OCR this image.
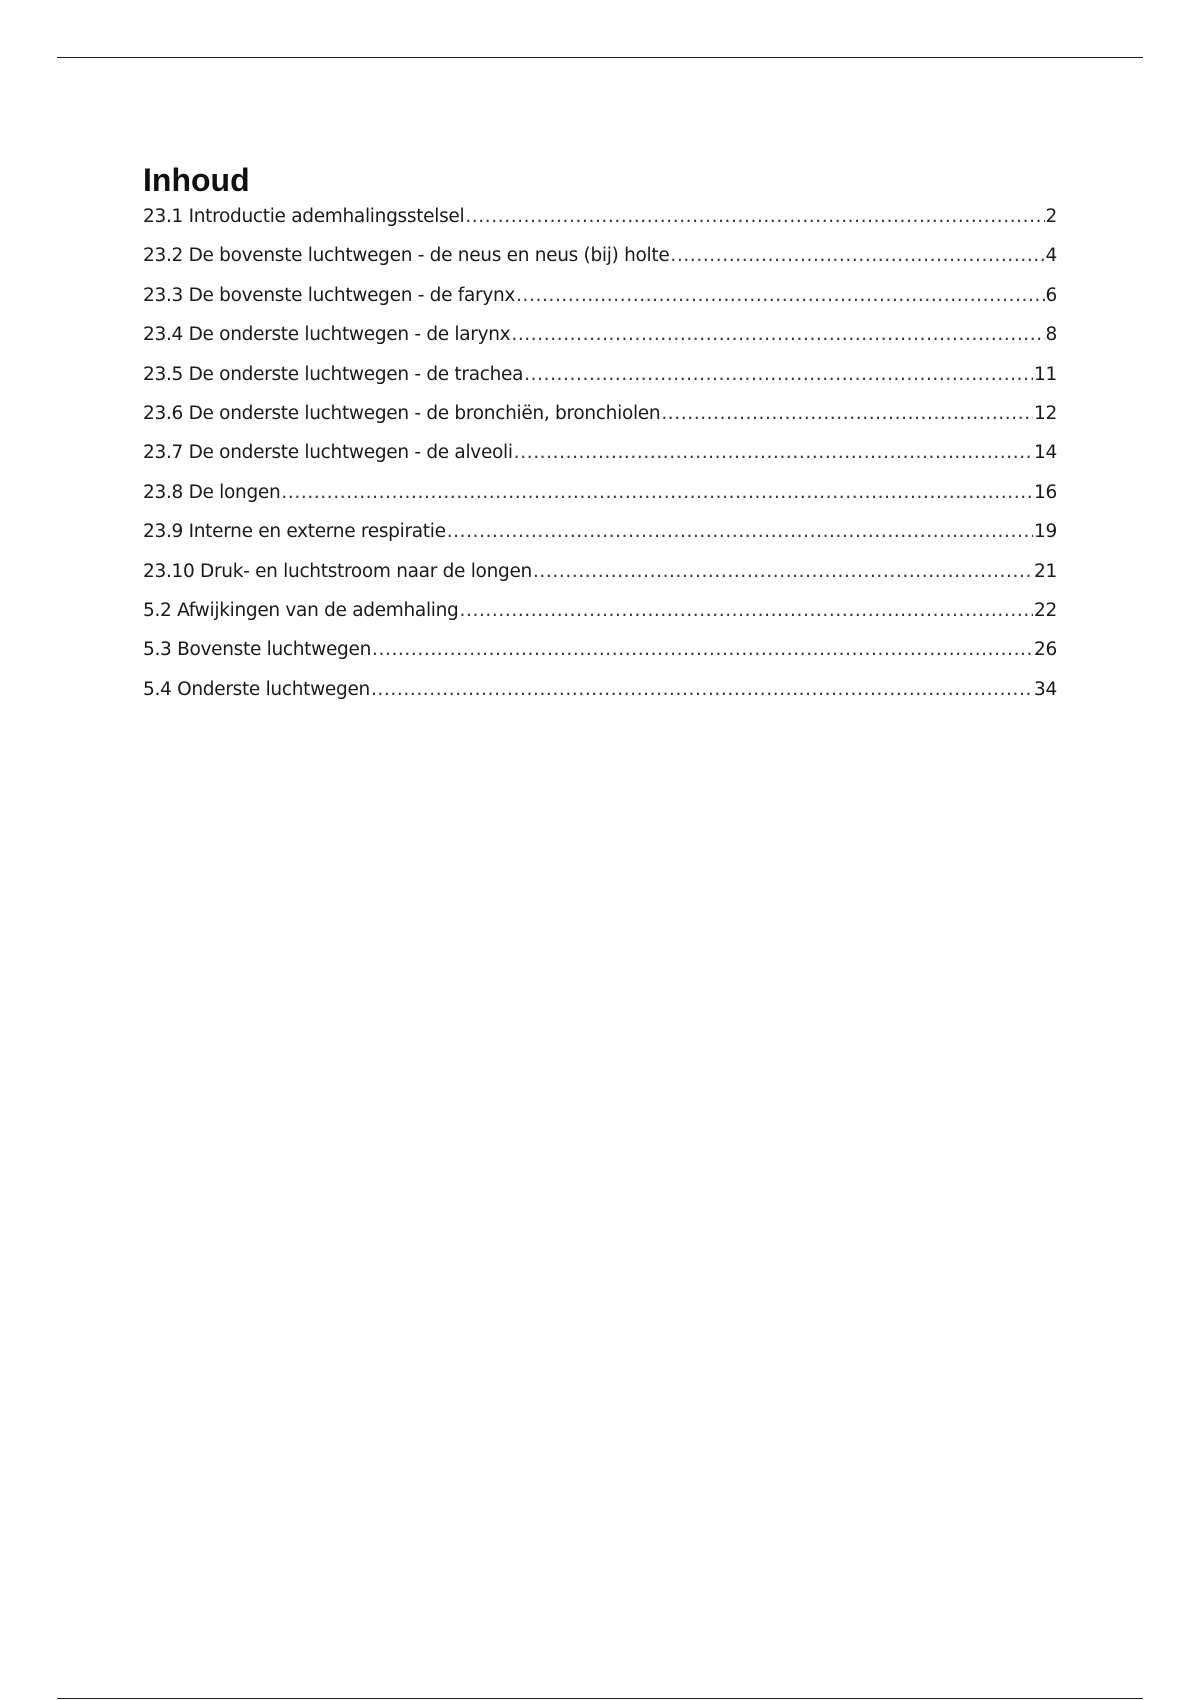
Inhoud
23.1 Introductie ademhalingsstelsel .....	2
23.2 De bovenste luchtwegen - de neus en neus (bij) holte .....	4
23.3 De bovenste luchtwegen - de farynx .....	6
23.4 De onderste luchtwegen - de larynx .....	8
23.5 De onderste luchtwegen - de trachea .....	11
23.6 De onderste luchtwegen - de bronchiën, bronchiolen .....	12
23.7 De onderste luchtwegen - de alveoli .....	14
23.8 De longen .....	16
23.9 Interne en externe respiratie .....	19
23.10 Druk- en luchtstroom naar de longen .....	21
5.2 Afwijkingen van de ademhaling .....	22
5.3 Bovenste luchtwegen .....	26
5.4 Onderste luchtwegen .....	34
